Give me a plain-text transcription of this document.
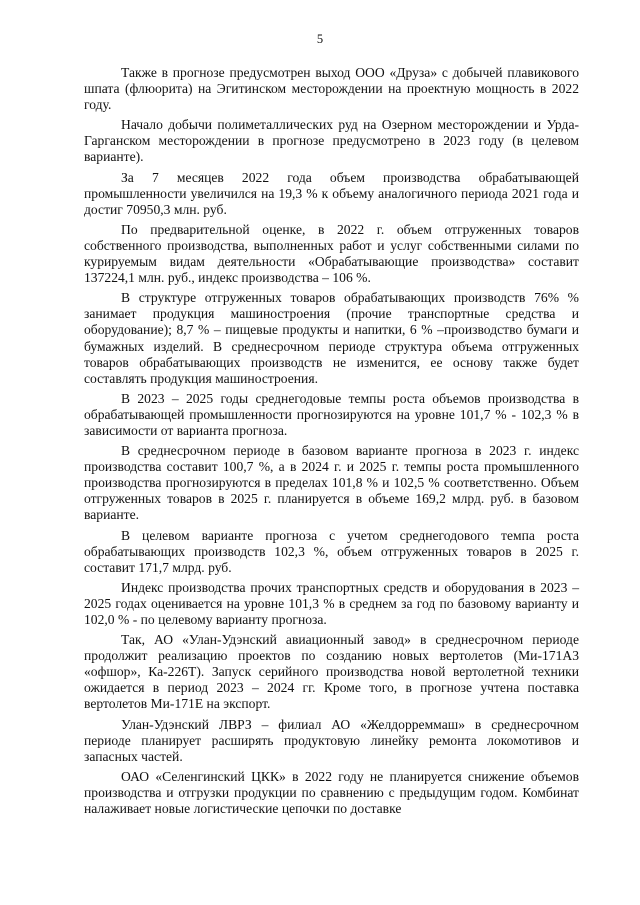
5

Также в прогнозе предусмотрен выход ООО «Друза» с добычей плавикового шпата (флюорита) на Эгитинском месторождении на проектную мощность в 2022 году.

Начало добычи полиметаллических руд на Озерном месторождении и Урда-Гарганском месторождении в прогнозе предусмотрено в 2023 году (в целевом варианте).

За 7 месяцев 2022 года объем производства обрабатывающей промышленности увеличился на 19,3 % к объему аналогичного периода 2021 года и достиг 70950,3 млн. руб.

По предварительной оценке, в 2022 г. объем отгруженных товаров собственного производства, выполненных работ и услуг собственными силами по курируемым видам деятельности «Обрабатывающие производства» составит 137224,1 млн. руб., индекс производства – 106 %.

В структуре отгруженных товаров обрабатывающих производств 76% % занимает продукция машиностроения (прочие транспортные средства и оборудование); 8,7 % – пищевые продукты и напитки, 6 % –производство бумаги и бумажных изделий. В среднесрочном периоде структура объема отгруженных товаров обрабатывающих производств не изменится, ее основу также будет составлять продукция машиностроения.

В 2023 – 2025 годы среднегодовые темпы роста объемов производства в обрабатывающей промышленности прогнозируются на уровне 101,7 % - 102,3 % в зависимости от варианта прогноза.

В среднесрочном периоде в базовом варианте прогноза в 2023 г. индекс производства составит 100,7 %, а в 2024 г. и 2025 г. темпы роста промышленного производства прогнозируются в пределах 101,8 % и 102,5 % соответственно. Объем отгруженных товаров в 2025 г. планируется в объеме 169,2 млрд. руб. в базовом варианте.

В целевом варианте прогноза с учетом среднегодового темпа роста обрабатывающих производств 102,3 %, объем отгруженных товаров в 2025 г. составит 171,7 млрд. руб.

Индекс производства прочих транспортных средств и оборудования в 2023 – 2025 годах оценивается на уровне 101,3 % в среднем за год по базовому варианту и 102,0 % - по целевому варианту прогноза.

Так, АО «Улан-Удэнский авиационный завод» в среднесрочном периоде продолжит реализацию проектов по созданию новых вертолетов (Ми-171А3 «офшор», Ка-226Т). Запуск серийного производства новой вертолетной техники ожидается в период 2023 – 2024 гг. Кроме того, в прогнозе учтена поставка вертолетов Ми-171Е на экспорт.

Улан-Удэнский ЛВРЗ – филиал АО «Желдорреммаш» в среднесрочном периоде планирует расширять продуктовую линейку ремонта локомотивов и запасных частей.

ОАО «Селенгинский ЦКК» в 2022 году не планируется снижение объемов производства и отгрузки продукции по сравнению с предыдущим годом. Комбинат налаживает новые логистические цепочки по доставке
